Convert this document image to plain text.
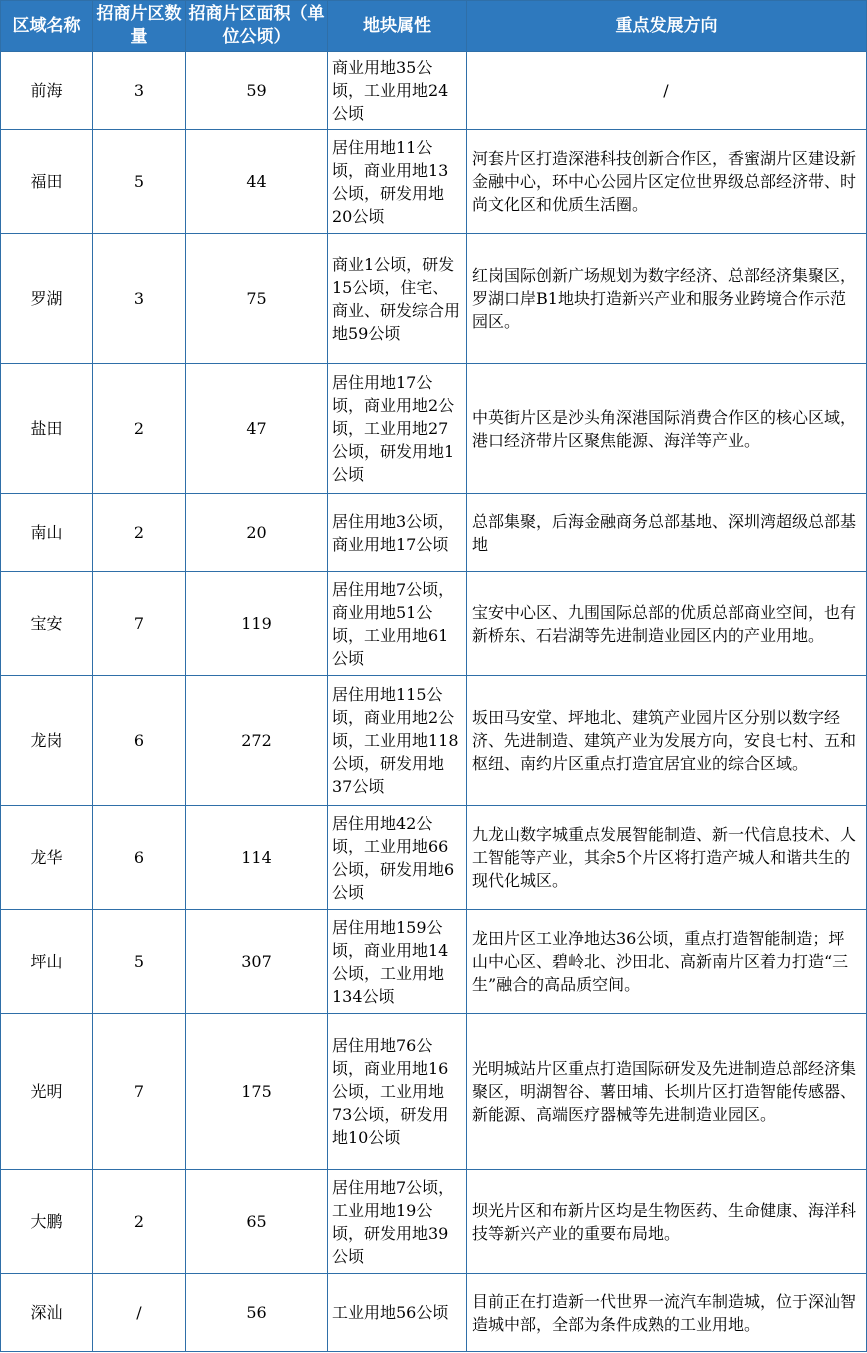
区域名称	招商片区数量	招商片区面积（单位公顷）	地块属性	重点发展方向
前海	3	59	商业用地35公顷，工业用地24公顷	/
福田	5	44	居住用地11公顷，商业用地13公顷，研发用地20公顷	河套片区打造深港科技创新合作区，香蜜湖片区建设新金融中心，环中心公园片区定位世界级总部经济带、时尚文化区和优质生活圈。
罗湖	3	75	商业1公顷，研发15公顷，住宅、商业、研发综合用地59公顷	红岗国际创新广场规划为数字经济、总部经济集聚区，罗湖口岸B1地块打造新兴产业和服务业跨境合作示范园区。
盐田	2	47	居住用地17公顷，商业用地2公顷，工业用地27公顷，研发用地1公顷	中英街片区是沙头角深港国际消费合作区的核心区域，港口经济带片区聚焦能源、海洋等产业。
南山	2	20	居住用地3公顷，商业用地17公顷	总部集聚，后海金融商务总部基地、深圳湾超级总部基地
宝安	7	119	居住用地7公顷，商业用地51公顷，工业用地61公顷	宝安中心区、九围国际总部的优质总部商业空间，也有新桥东、石岩湖等先进制造业园区内的产业用地。
龙岗	6	272	居住用地115公顷，商业用地2公顷，工业用地118公顷，研发用地37公顷	坂田马安堂、坪地北、建筑产业园片区分别以数字经济、先进制造、建筑产业为发展方向，安良七村、五和枢纽、南约片区重点打造宜居宜业的综合区域。
龙华	6	114	居住用地42公顷，工业用地66公顷，研发用地6公顷	九龙山数字城重点发展智能制造、新一代信息技术、人工智能等产业，其余5个片区将打造产城人和谐共生的现代化城区。
坪山	5	307	居住用地159公顷，商业用地14公顷，工业用地134公顷	龙田片区工业净地达36公顷，重点打造智能制造；坪山中心区、碧岭北、沙田北、高新南片区着力打造“三生”融合的高品质空间。
光明	7	175	居住用地76公顷，商业用地16公顷，工业用地73公顷，研发用地10公顷	光明城站片区重点打造国际研发及先进制造总部经济集聚区，明湖智谷、薯田埔、长圳片区打造智能传感器、新能源、高端医疗器械等先进制造业园区。
大鹏	2	65	居住用地7公顷，工业用地19公顷，研发用地39公顷	坝光片区和布新片区均是生物医药、生命健康、海洋科技等新兴产业的重要布局地。
深汕	/	56	工业用地56公顷	目前正在打造新一代世界一流汽车制造城，位于深汕智造城中部，全部为条件成熟的工业用地。
